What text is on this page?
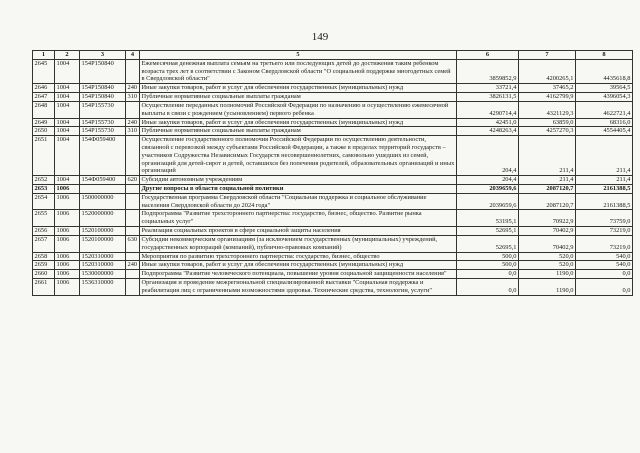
149
1	2	3	4	5	6	7	8
2645	1004	154P150840		Ежемесячная денежная выплата семьям на третьего или последующих детей до достижения таким ребенком возраста трех лет в соответствии с Законом Свердловской области "О социальной поддержке многодетных семей в Свердловской области"	3859852,9	4200265,1	4435618,8
2646	1004	154P150840	240	Иные закупки товаров, работ и услуг для обеспечения государственных (муниципальных) нужд	33721,4	37465,2	39564,5
2647	1004	154P150840	310	Публичные нормативные социальные выплаты гражданам	3826131,5	4162799,9	4396054,3
2648	1004	154P155730		Осуществление переданных полномочий Российской Федерации по назначению и осуществлению ежемесячной выплаты в связи с рождением (усыновлением) первого ребенка	4290714,4	4321129,3	4622721,4
2649	1004	154P155730	240	Иные закупки товаров, работ и услуг для обеспечения государственных (муниципальных) нужд	42451,0	63859,0	68316,0
2650	1004	154P155730	310	Публичные нормативные социальные выплаты гражданам	4248263,4	4257270,3	4554405,4
2651	1004	154Ф059400		Осуществление государственного полномочия Российской Федерации по осуществлению деятельности, связанной с перевозкой между субъектами Российской Федерации, а также в пределах территорий государств – участников Содружества Независимых Государств несовершеннолетних, самовольно ушедших из семей, организаций для детей-сирот и детей, оставшихся без попечения родителей, образовательных организаций и иных организаций	204,4	211,4	211,4
2652	1004	154Ф059400	620	Субсидии автономным учреждениям	204,4	211,4	211,4
2653	1006			Другие вопросы в области социальной политики	2039659,6	2087120,7	2161388,5
2654	1006	1500000000		Государственная программа Свердловской области "Социальная поддержка и социальное обслуживание населения Свердловской области до 2024 года"	2039659,6	2087120,7	2161388,5
2655	1006	1520000000		Подпрограмма "Развитие трехстороннего партнерства: государство, бизнес, общество. Развитие рынка социальных услуг"	53195,1	70922,9	73759,0
2656	1006	1520100000		Реализация социальных проектов в сфере социальной защиты населения	52695,1	70402,9	73219,0
2657	1006	1520100000	630	Субсидии некоммерческим организациям (за исключением государственных (муниципальных) учреждений, государственных корпораций (компаний), публично-правовых компаний)	52695,1	70402,9	73219,0
2658	1006	1520310000		Мероприятия по развитию трехстороннего партнерства: государство, бизнес, общество	500,0	520,0	540,0
2659	1006	1520310000	240	Иные закупки товаров, работ и услуг для обеспечения государственных (муниципальных) нужд	500,0	520,0	540,0
2660	1006	1530000000		Подпрограмма "Развитие человеческого потенциала, повышение уровня социальной защищенности населения"	0,0	1190,0	0,0
2661	1006	1536310000		Организация и проведение межрегиональной специализированной выставки "Социальная поддержка и реабилитация лиц с ограниченными возможностями здоровья. Технические средства, технологии, услуги"	0,0	1190,0	0,0
